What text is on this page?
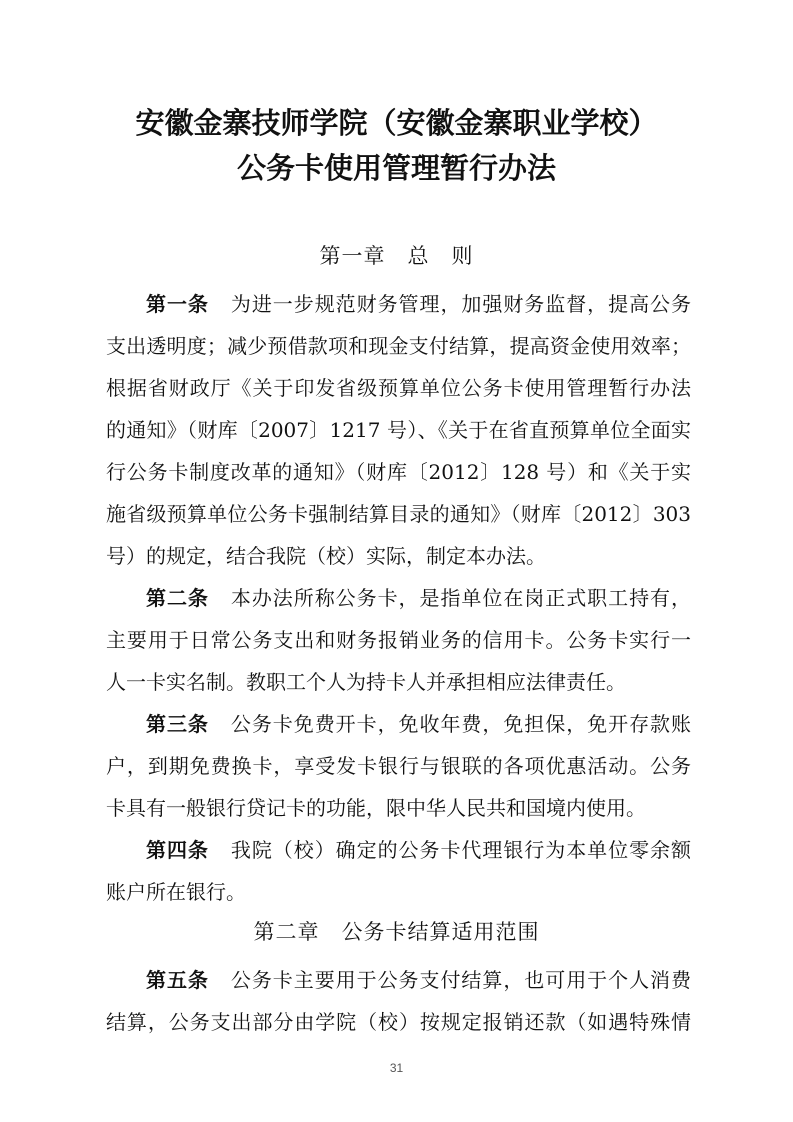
安徽金寨技师学院（安徽金寨职业学校）
公务卡使用管理暂行办法
第一章　总　则
第一条 为进一步规范财务管理，加强财务监督，提高公务
支出透明度；减少预借款项和现金支付结算，提高资金使用效率；
根据省财政厅《关于印发省级预算单位公务卡使用管理暂行办法
的通知》（财库〔2007〕1217 号）、《关于在省直预算单位全面实
行公务卡制度改革的通知》（财库〔2012〕128 号）和《关于实
施省级预算单位公务卡强制结算目录的通知》（财库〔2012〕303
号）的规定，结合我院（校）实际，制定本办法。
第二条 本办法所称公务卡，是指单位在岗正式职工持有，
主要用于日常公务支出和财务报销业务的信用卡。公务卡实行一
人一卡实名制。教职工个人为持卡人并承担相应法律责任。
第三条 公务卡免费开卡，免收年费，免担保，免开存款账
户，到期免费换卡，享受发卡银行与银联的各项优惠活动。公务
卡具有一般银行贷记卡的功能，限中华人民共和国境内使用。
第四条 我院（校）确定的公务卡代理银行为本单位零余额
账户所在银行。
第二章　公务卡结算适用范围
第五条 公务卡主要用于公务支付结算，也可用于个人消费
结算，公务支出部分由学院（校）按规定报销还款（如遇特殊情
31
